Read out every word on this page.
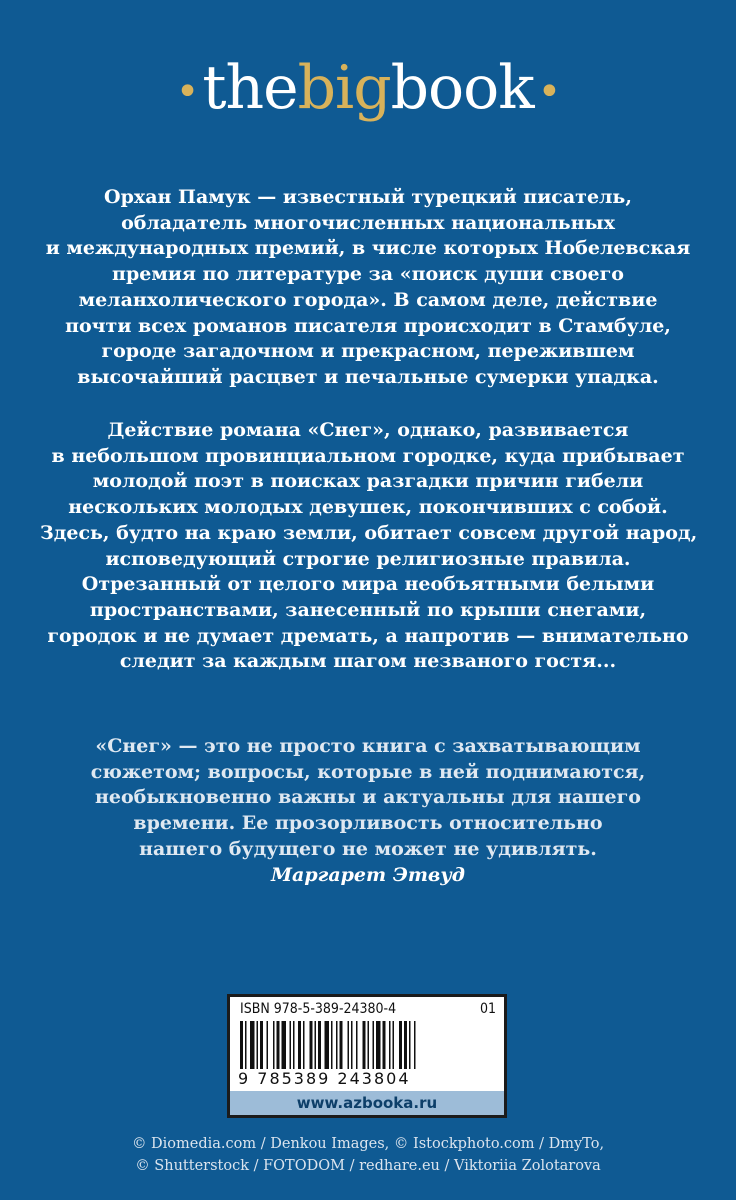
•thebigbook •
Орхан Памук — известный турецкий писатель,
обладатель многочисленных национальных
и международных премий, в числе которых Нобелевская
премия по литературе за «поиск души своего
меланхолического города». В самом деле, действие
почти всех романов писателя происходит в Стамбуле,
городе загадочном и прекрасном, пережившем
высочайший расцвет и печальные сумерки упадка.
Действие романа «Снег», однако, развивается
в небольшом провинциальном городке, куда прибывает
молодой поэт в поисках разгадки причин гибели
нескольких молодых девушек, покончивших с собой.
Здесь, будто на краю земли, обитает совсем другой народ,
исповедующий строгие религиозные правила.
Отрезанный от целого мира необъятными белыми
пространствами, занесенный по крыши снегами,
городок и не думает дремать, а напротив — внимательно
следит за каждым шагом незваного гостя...
«Снег» — это не просто книга с захватывающим
сюжетом; вопросы, которые в ней поднимаются,
необыкновенно важны и актуальны для нашего
времени. Ее прозорливость относительно
нашего будущего не может не удивлять.
Маргарет Этвуд
ISBN 978-5-389-24380-4	01
9 785389 243804
www.azbooka.ru
© Diomedia.com / Denkou Images, © Istockphoto.com / DmyTo,
© Shutterstock / FOTODOM / redhare.eu / Viktoriia Zolotarova
